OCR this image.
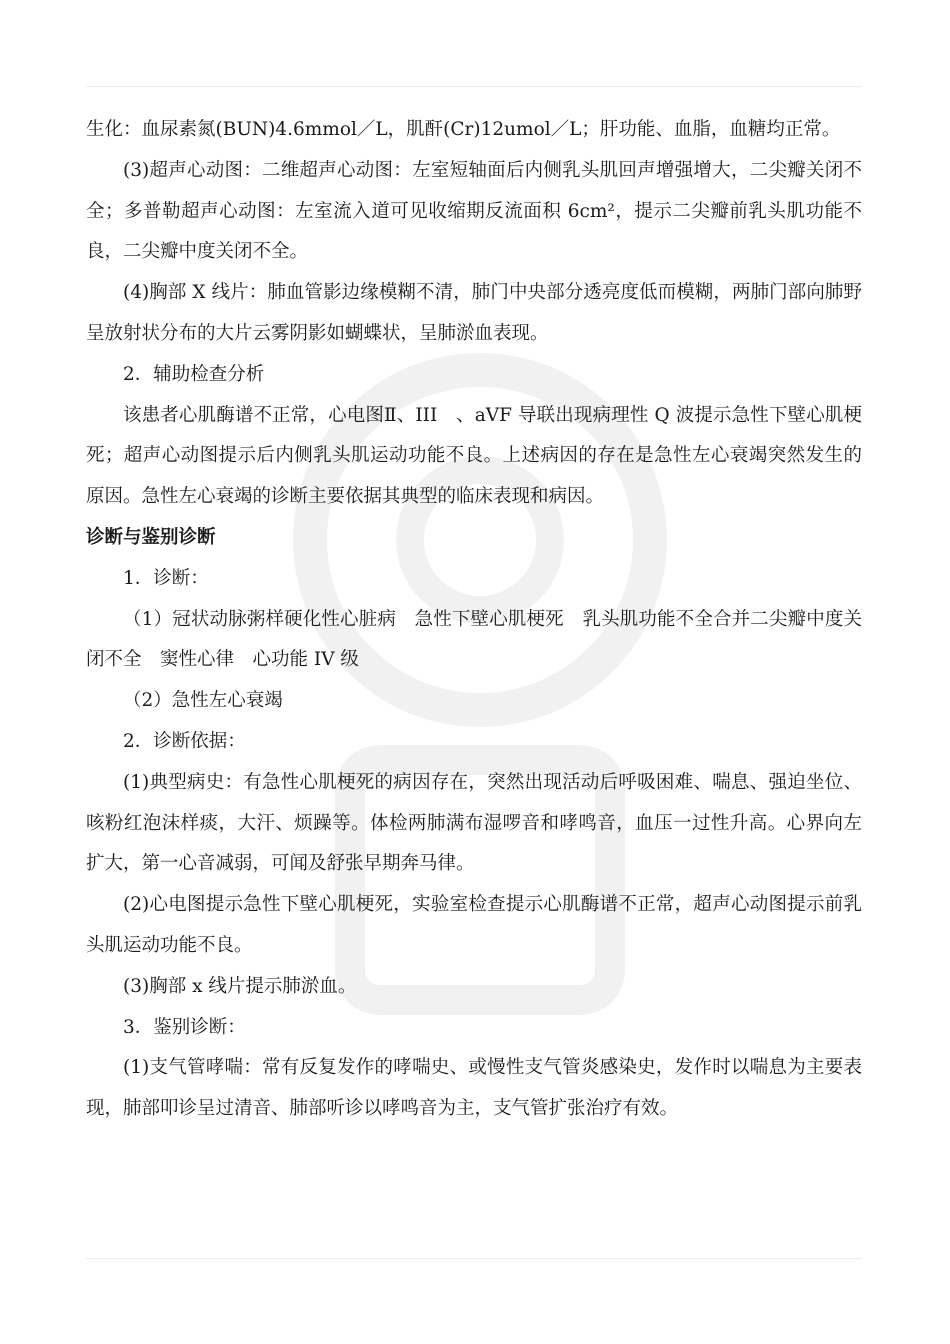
生化：血尿素氮(BUN)4.6mmol／L，肌酐(Cr)12umol／L；肝功能、血脂，血糖均正常。

(3)超声心动图：二维超声心动图：左室短轴面后内侧乳头肌回声增强增大，二尖瓣关闭不全；多普勒超声心动图：左室流入道可见收缩期反流面积 6cm²，提示二尖瓣前乳头肌功能不良，二尖瓣中度关闭不全。

(4)胸部 X 线片：肺血管影边缘模糊不清，肺门中央部分透亮度低而模糊，两肺门部向肺野呈放射状分布的大片云雾阴影如蝴蝶状，呈肺淤血表现。

2．辅助检查分析

该患者心肌酶谱不正常，心电图Ⅱ、III　、aVF 导联出现病理性 Q 波提示急性下壁心肌梗死；超声心动图提示后内侧乳头肌运动功能不良。上述病因的存在是急性左心衰竭突然发生的原因。急性左心衰竭的诊断主要依据其典型的临床表现和病因。

诊断与鉴别诊断

1．诊断：

（1）冠状动脉粥样硬化性心脏病　急性下壁心肌梗死　乳头肌功能不全合并二尖瓣中度关闭不全　窦性心律　心功能 IV 级

（2）急性左心衰竭

2．诊断依据：

(1)典型病史：有急性心肌梗死的病因存在，突然出现活动后呼吸困难、喘息、强迫坐位、咳粉红泡沫样痰，大汗、烦躁等。体检两肺满布湿啰音和哮鸣音，血压一过性升高。心界向左扩大，第一心音减弱，可闻及舒张早期奔马律。

(2)心电图提示急性下壁心肌梗死，实验室检查提示心肌酶谱不正常，超声心动图提示前乳头肌运动功能不良。

(3)胸部 x 线片提示肺淤血。

3．鉴别诊断：

(1)支气管哮喘：常有反复发作的哮喘史、或慢性支气管炎感染史，发作时以喘息为主要表现，肺部叩诊呈过清音、肺部听诊以哮鸣音为主，支气管扩张治疗有效。
